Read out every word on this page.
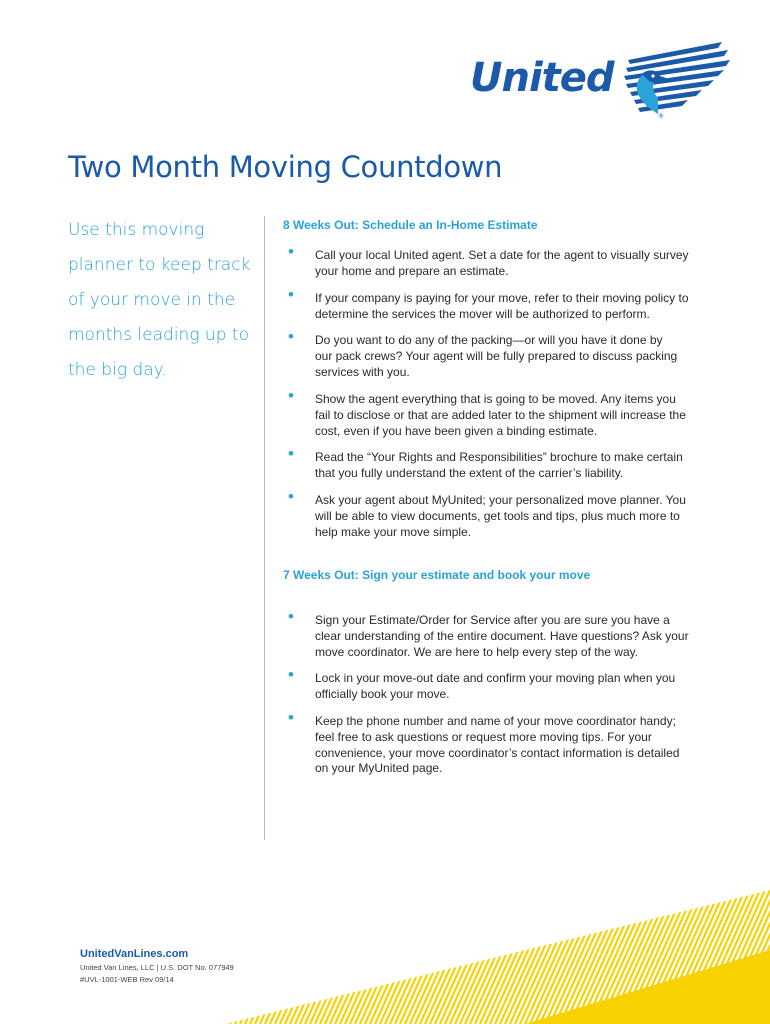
United
®
Two Month Moving Countdown
Use this moving
planner to keep track
of your move in the
months leading up to
the big day.
8 Weeks Out: Schedule an In-Home Estimate
• Call your local United agent. Set a date for the agent to visually survey
your home and prepare an estimate.
• If your company is paying for your move, refer to their moving policy to
determine the services the mover will be authorized to perform.
• Do you want to do any of the packing—or will you have it done by
our pack crews? Your agent will be fully prepared to discuss packing
services with you.
• Show the agent everything that is going to be moved. Any items you
fail to disclose or that are added later to the shipment will increase the
cost, even if you have been given a binding estimate.
• Read the “Your Rights and Responsibilities” brochure to make certain
that you fully understand the extent of the carrier’s liability.
• Ask your agent about MyUnited; your personalized move planner. You
will be able to view documents, get tools and tips, plus much more to
help make your move simple.
7 Weeks Out: Sign your estimate and book your move
• Sign your Estimate/Order for Service after you are sure you have a
clear understanding of the entire document. Have questions? Ask your
move coordinator. We are here to help every step of the way.
• Lock in your move-out date and confirm your moving plan when you
officially book your move.
• Keep the phone number and name of your move coordinator handy;
feel free to ask questions or request more moving tips. For your
convenience, your move coordinator’s contact information is detailed
on your MyUnited page.
UnitedVanLines.com
United Van Lines, LLC | U.S. DOT No. 077949
#UVL-1001-WEB Rev 09/14
